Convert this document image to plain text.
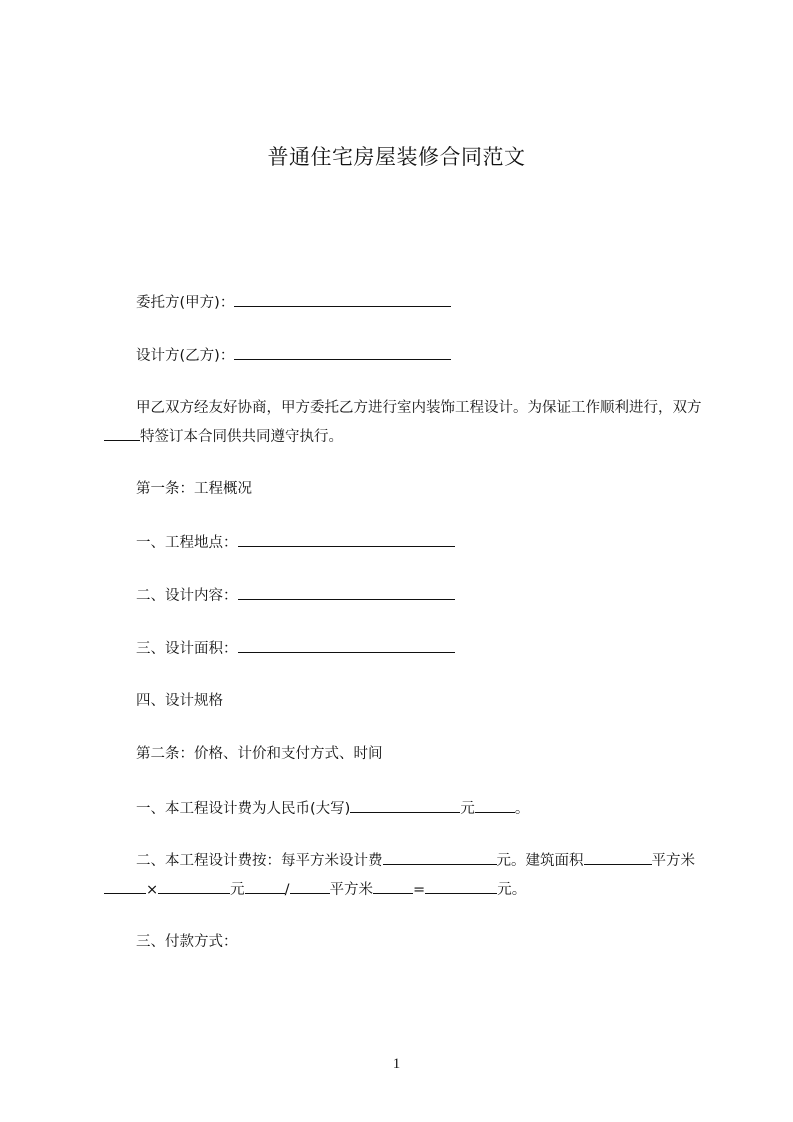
普通住宅房屋装修合同范文
委托方(甲方)：
设计方(乙方)：

甲乙双方经友好协商，甲方委托乙方进行室内装饰工程设计。为保证工作顺利进行，双方特签订本合同供共同遵守执行。

第一条：工程概况
一、工程地点：
二、设计内容：
三、设计面积：
四、设计规格
第二条：价格、计价和支付方式、时间
一、本工程设计费为人民币(大写)	元	。

二、本工程设计费按：每平方米设计费	元。建筑面积	平方米×	元	/	平方米	=	元。

三、付款方式：
1
